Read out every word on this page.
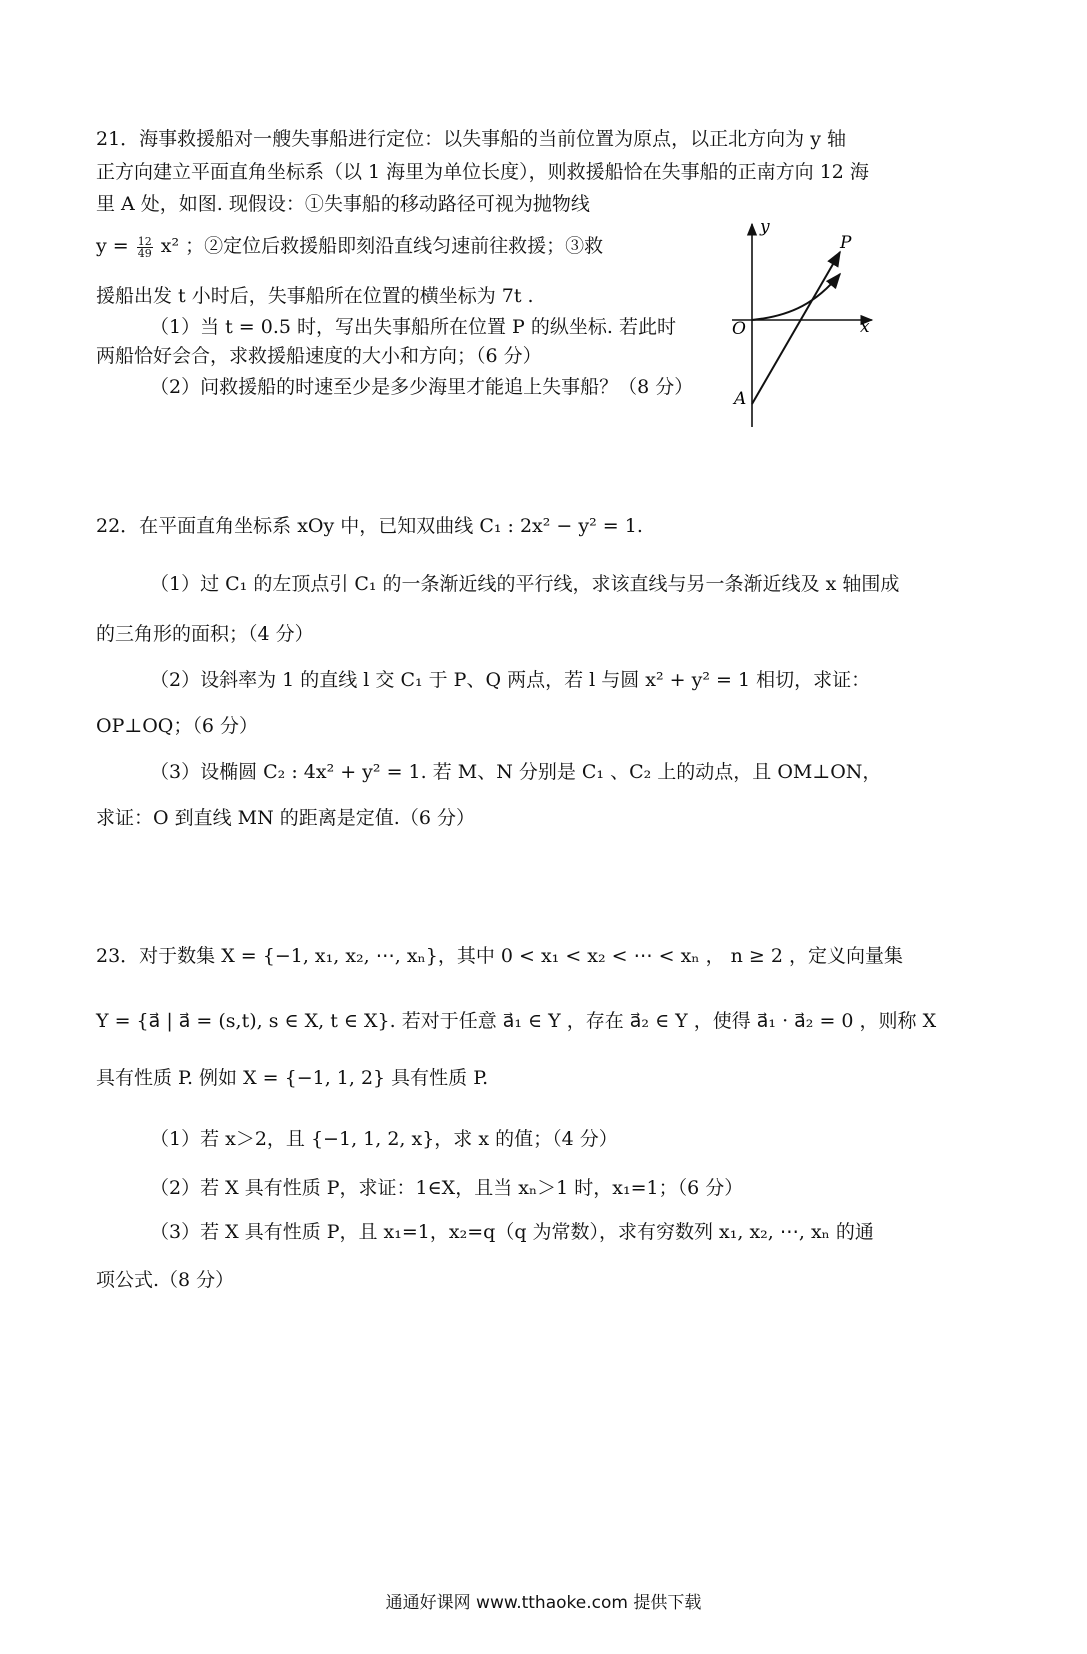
21．海事救援船对一艘失事船进行定位：以失事船的当前位置为原点，以正北方向为 y 轴
正方向建立平面直角坐标系（以 1 海里为单位长度），则救援船恰在失事船的正南方向 12 海
里 A 处，如图. 现假设：①失事船的移动路径可视为抛物线
$y = \frac{12}{49} x^2$ ；②定位后救援船即刻沿直线匀速前往救援；③救
援船出发 t 小时后，失事船所在位置的横坐标为 7t .
（1）当 t = 0.5 时，写出失事船所在位置 P 的纵坐标. 若此时
两船恰好会合，求救援船速度的大小和方向；（6 分）
（2）问救援船的时速至少是多少海里才能追上失事船？（8 分）
y
x
O
A
P
22．在平面直角坐标系 xOy 中，已知双曲线 C₁ : 2x² − y² = 1.
（1）过 C₁ 的左顶点引 C₁ 的一条渐近线的平行线，求该直线与另一条渐近线及 x 轴围成
的三角形的面积；（4 分）
（2）设斜率为 1 的直线 l 交 C₁ 于 P、Q 两点，若 l 与圆 x² + y² = 1 相切，求证：
OP⊥OQ；（6 分）
（3）设椭圆 C₂ : 4x² + y² = 1. 若 M、N 分别是 C₁ 、C₂ 上的动点，且 OM⊥ON，
求证：O 到直线 MN 的距离是定值.（6 分）
23．对于数集 X = {−1, x₁, x₂, ⋯, xₙ}，其中 0 < x₁ < x₂ < ⋯ < xₙ ， n ≥ 2 ，定义向量集
Y = {a⃗ | a⃗ = (s,t), s ∈ X, t ∈ X}. 若对于任意 a⃗₁ ∈ Y ，存在 a⃗₂ ∈ Y ，使得 a⃗₁ · a⃗₂ = 0 ，则称 X
具有性质 P. 例如 X = {−1, 1, 2} 具有性质 P.
（1）若 x＞2，且 {−1, 1, 2, x}，求 x 的值；（4 分）
（2）若 X 具有性质 P，求证：1∈X，且当 xₙ＞1 时，x₁=1；（6 分）
（3）若 X 具有性质 P，且 x₁=1，x₂=q（q 为常数），求有穷数列 x₁, x₂, ⋯, xₙ 的通
项公式.（8 分）
通通好课网 www.tthaoke.com 提供下载
